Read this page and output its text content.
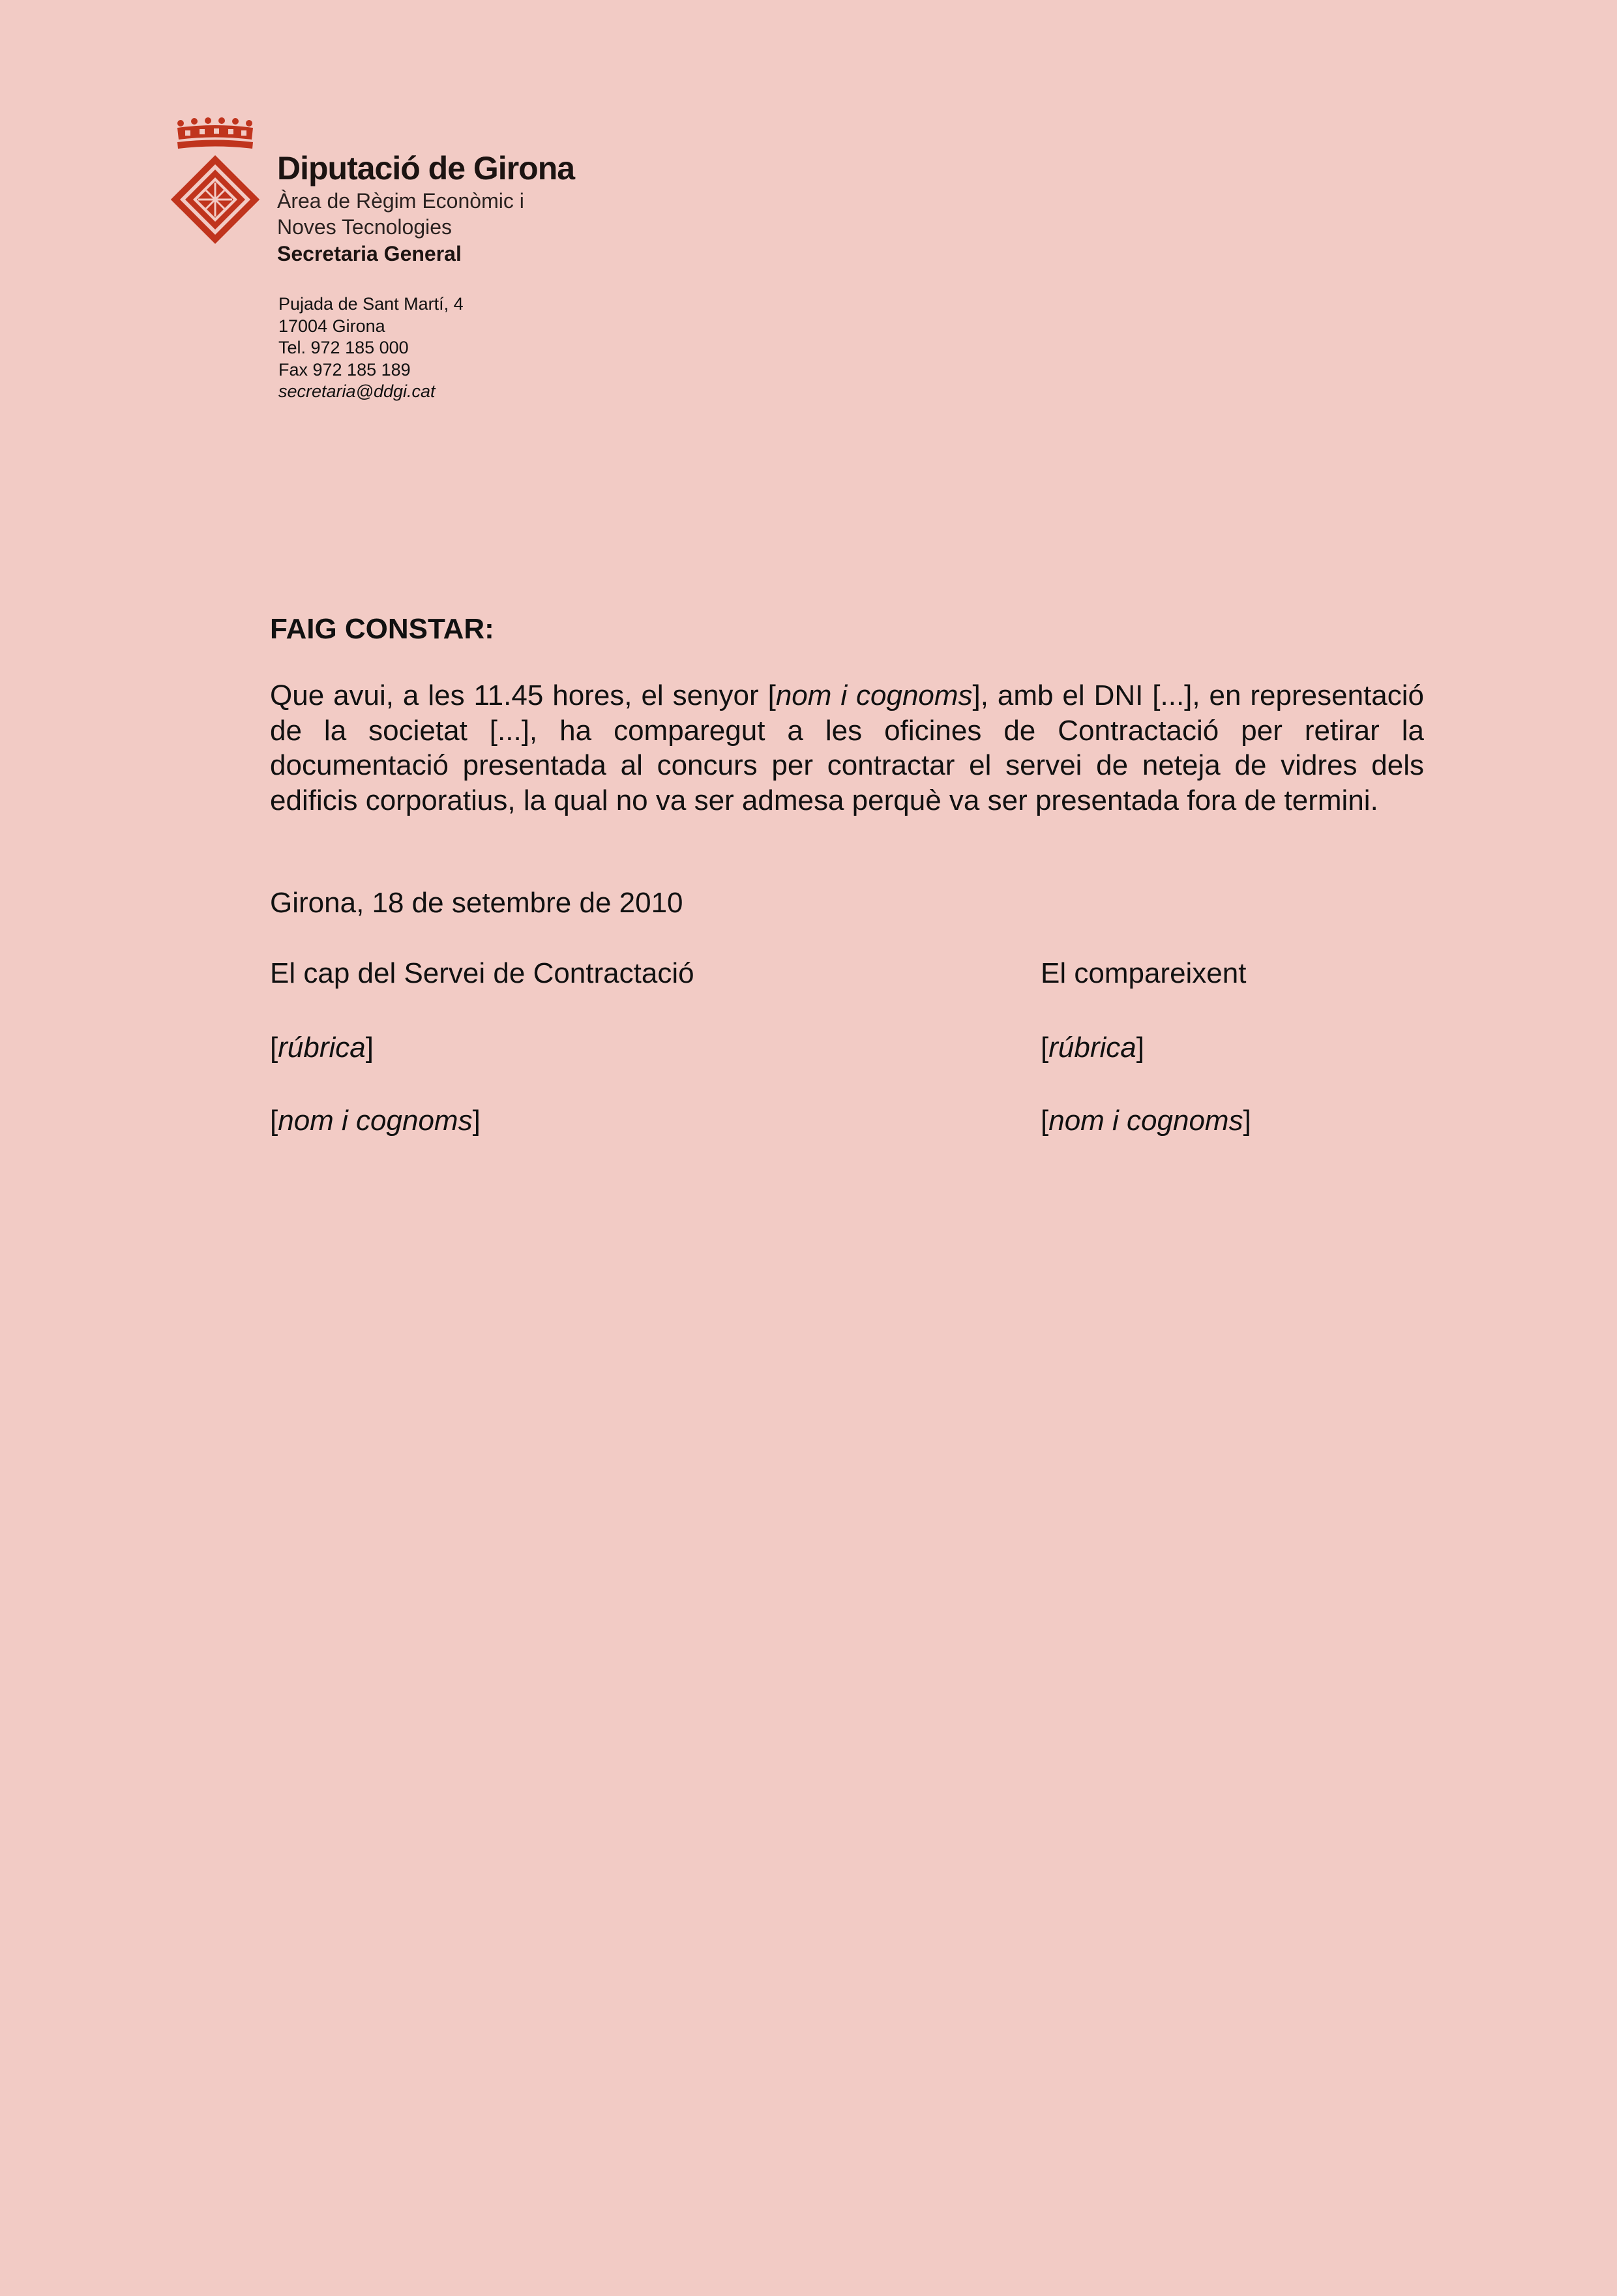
Diputació de Girona
Àrea de Règim Econòmic i
Noves Tecnologies
Secretaria General
Pujada de Sant Martí, 4
17004 Girona
Tel. 972 185 000
Fax 972 185 189
secretaria@ddgi.cat
FAIG CONSTAR:
Que avui, a les 11.45 hores, el senyor [nom i cognoms], amb el DNI [...], en representació de la societat [...], ha comparegut a les oficines de Contractació per retirar la documentació presentada al concurs per contractar el servei de neteja de vidres dels edificis corporatius, la qual no va ser admesa perquè va ser presentada fora de termini.
Girona, 18 de setembre de 2010
El cap del Servei de Contractació	El compareixent
[rúbrica]	[rúbrica]
[nom i cognoms]	[nom i cognoms]
